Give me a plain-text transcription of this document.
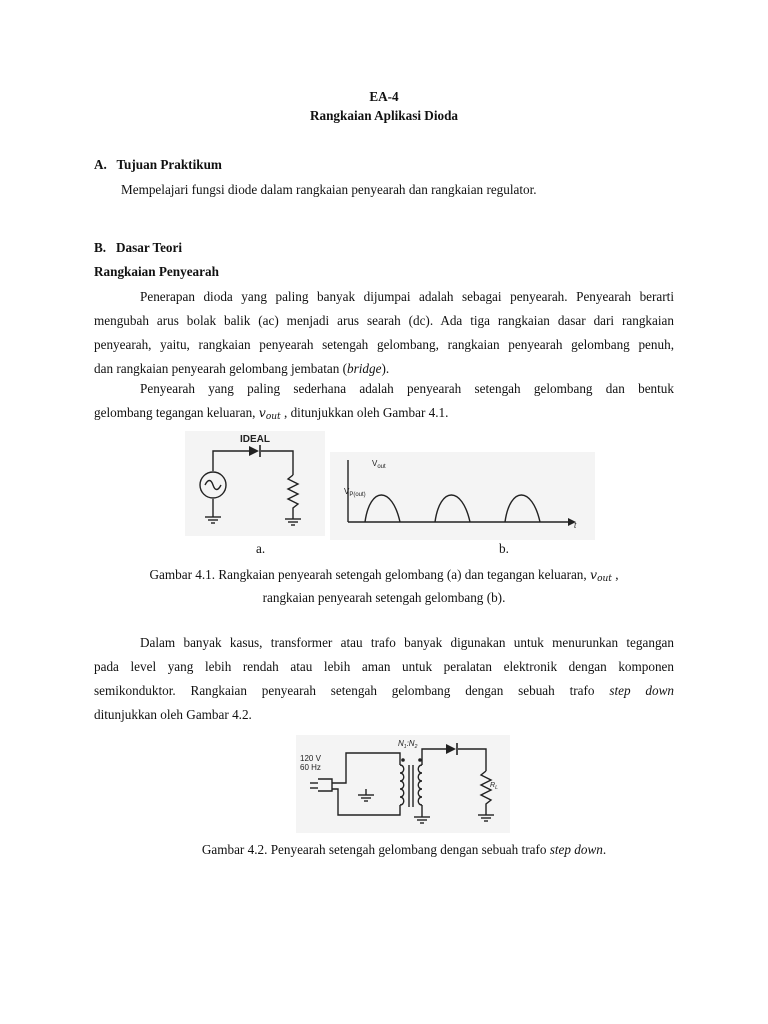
EA-4
Rangkaian Aplikasi Dioda
A.   Tujuan Praktikum
Mempelajari fungsi diode dalam rangkaian penyearah dan rangkaian regulator.
B.   Dasar Teori
Rangkaian Penyearah
Penerapan dioda yang paling banyak dijumpai adalah sebagai penyearah. Penyearah berarti
mengubah arus bolak balik (ac) menjadi arus searah (dc). Ada tiga rangkaian dasar dari rangkaian
penyearah, yaitu, rangkaian penyearah setengah gelombang, rangkaian penyearah gelombang penuh,
dan rangkaian penyearah gelombang jembatan (bridge).
Penyearah yang paling sederhana adalah penyearah setengah gelombang dan bentuk
gelombang tegangan keluaran, $v_{out}$ , ditunjukkan oleh Gambar 4.1.
IDEAL
$V_{out}$
$V_{P(out)}$
t
a.	b.
Gambar 4.1. Rangkaian penyearah setengah gelombang (a) dan tegangan keluaran, $v_{out}$ ,
rangkaian penyearah setengah gelombang (b).
Dalam banyak kasus, transformer atau trafo banyak digunakan untuk menurunkan tegangan
pada level yang lebih rendah atau lebih aman untuk peralatan elektronik dengan komponen
semikonduktor. Rangkaian penyearah setengah gelombang dengan sebuah trafo step down
ditunjukkan oleh Gambar 4.2.
120 V
60 Hz
$N_1:N_2$
$R_L$
Gambar 4.2. Penyearah setengah gelombang dengan sebuah trafo step down.
